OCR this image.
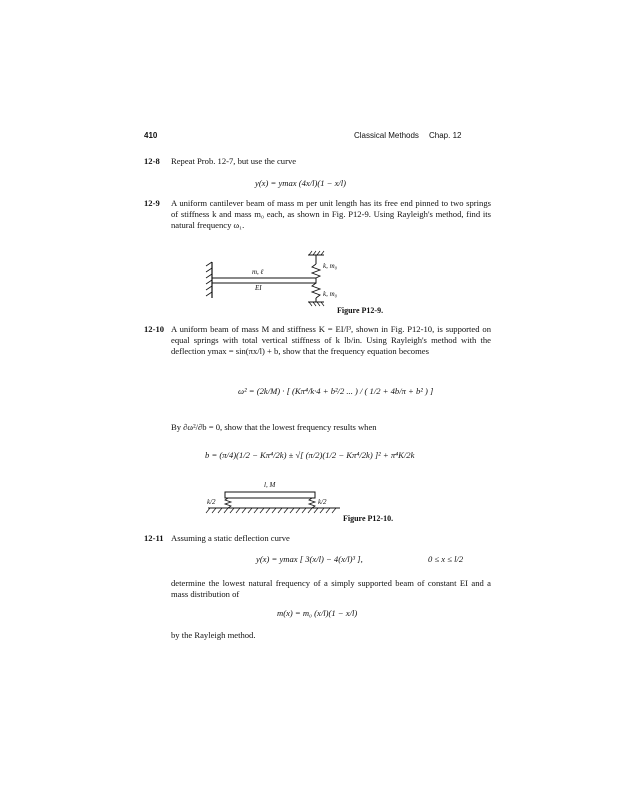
410	Classical Methods Chap. 12
12-8 Repeat Prob. 12-7, but use the curve
y(x) = ymax (4x/l)(1 − x/l)
12-9 A uniform cantilever beam of mass m per unit length has its free end pinned to two springs of stiffness k and mass m₀ each, as shown in Fig. P12-9. Using Rayleigh's method, find its natural frequency ω₁.
k, m₀
k, m₀
m, ℓ
EI
Figure P12-9.
12-10 A uniform beam of mass M and stiffness K = EI/l³, shown in Fig. P12-10, is supported on equal springs with total vertical stiffness of k lb/in. Using Rayleigh's method with the deflection ymax = sin(πx/l) + b, show that the frequency equation becomes
ω² = (2k/M) · [ (Kπ⁴/k·4 + b²/2 ... ) / ( 1/2 + 4b/π + b² ) ]
By ∂ω²/∂b = 0, show that the lowest frequency results when
b = (π/4)(1/2 − Kπ⁴/2k) ± √[ (π/2)(1/2 − Kπ⁴/2k) ]² + π⁴K/2k
l, M
k/2	k/2
Figure P12-10.
12-11 Assuming a static deflection curve
y(x) = ymax [ 3(x/l) − 4(x/l)³ ],	0 ≤ x ≤ l/2
determine the lowest natural frequency of a simply supported beam of constant EI and a mass distribution of
m(x) = m₀ (x/l)(1 − x/l)
by the Rayleigh method.
